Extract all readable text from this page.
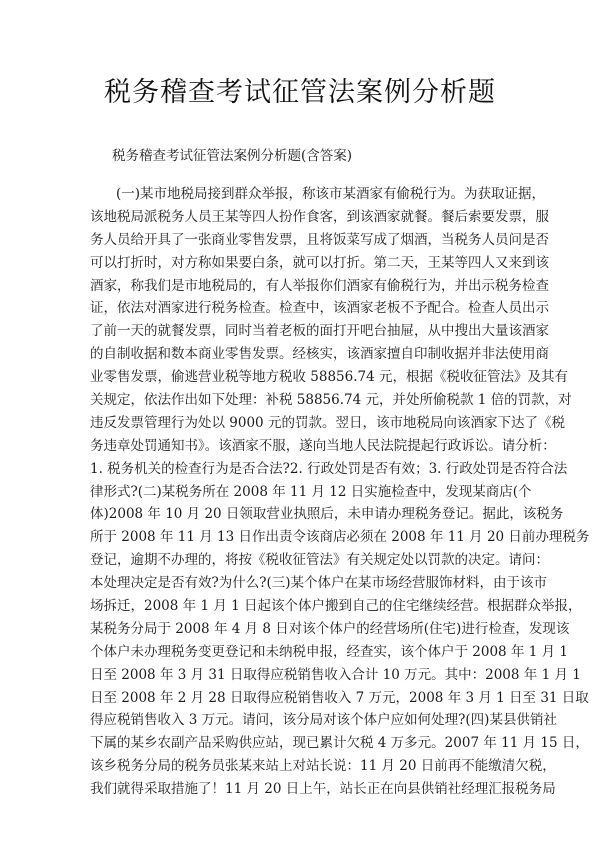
税务稽查考试征管法案例分析题

税务稽查考试征管法案例分析题(含答案)

(一)某市地税局接到群众举报，称该市某酒家有偷税行为。为获取证据，
该地税局派税务人员王某等四人扮作食客，到该酒家就餐。餐后索要发票，服
务人员给开具了一张商业零售发票，且将饭菜写成了烟酒，当税务人员问是否
可以打折时，对方称如果要白条，就可以打折。第二天，王某等四人又来到该
酒家，称我们是市地税局的，有人举报你们酒家有偷税行为，并出示税务检查
证，依法对酒家进行税务检查。检查中，该酒家老板不予配合。检查人员出示
了前一天的就餐发票，同时当着老板的面打开吧台抽屉，从中搜出大量该酒家
的自制收据和数本商业零售发票。经核实，该酒家擅自印制收据并非法使用商
业零售发票，偷逃营业税等地方税收 58856.74 元，根据《税收征管法》及其有
关规定，依法作出如下处理：补税 58856.74 元，并处所偷税款 1 倍的罚款，对
违反发票管理行为处以 9000 元的罚款。翌日，该市地税局向该酒家下达了《税
务违章处罚通知书》。该酒家不服，遂向当地人民法院提起行政诉讼。请分析：
1. 税务机关的检查行为是否合法?2. 行政处罚是否有效；3. 行政处罚是否符合法
律形式?(二)某税务所在 2008 年 11 月 12 日实施检查中，发现某商店(个
体)2008 年 10 月 20 日领取营业执照后，未申请办理税务登记。据此，该税务
所于 2008 年 11 月 13 日作出责令该商店必须在 2008 年 11 月 20 日前办理税务
登记，逾期不办理的，将按《税收征管法》有关规定处以罚款的决定。请问：
本处理决定是否有效?为什么?(三)某个体户在某市场经营服饰材料，由于该市
场拆迁，2008 年 1 月 1 日起该个体户搬到自己的住宅继续经营。根据群众举报，
某税务分局于 2008 年 4 月 8 日对该个体户的经营场所(住宅)进行检查，发现该
个体户未办理税务变更登记和未纳税申报，经查实，该个体户于 2008 年 1 月 1
日至 2008 年 3 月 31 日取得应税销售收入合计 10 万元。其中：2008 年 1 月 1
日至 2008 年 2 月 28 日取得应税销售收入 7 万元，2008 年 3 月 1 日至 31 日取
得应税销售收入 3 万元。请问，该分局对该个体户应如何处理?(四)某县供销社
下属的某乡农副产品采购供应站，现已累计欠税 4 万多元。2007 年 11 月 15 日，
该乡税务分局的税务员张某来站上对站长说：11 月 20 日前再不能缴清欠税，
我们就得采取措施了！11 月 20 日上午，站长正在向县供销社经理汇报税务局
